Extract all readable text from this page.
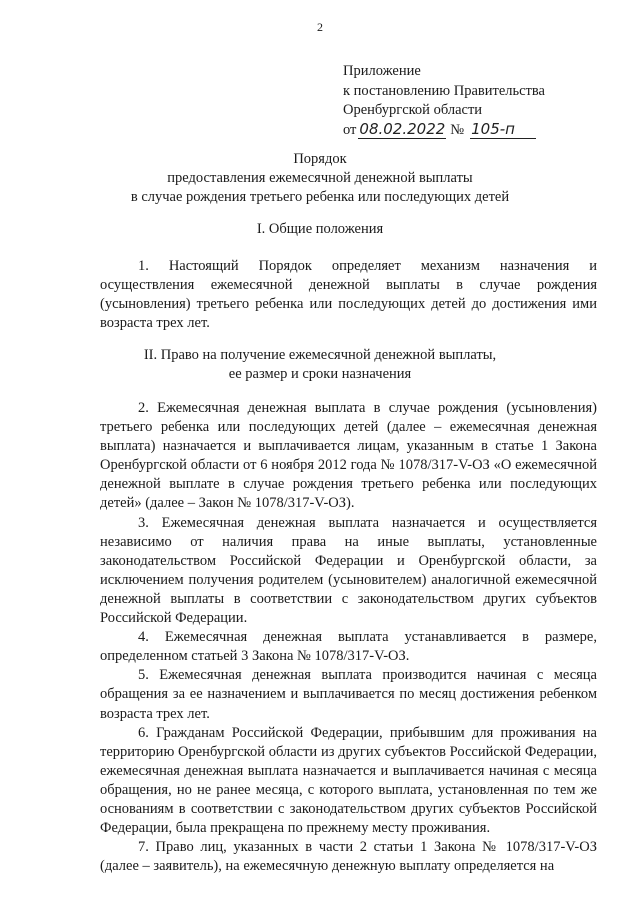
2
Приложение
к постановлению Правительства
Оренбургской области
от 08.02.2022 № 105-п
Порядок
предоставления ежемесячной денежной выплаты
в случае рождения третьего ребенка или последующих детей
I. Общие положения

1. Настоящий Порядок определяет механизм назначения и осуществления ежемесячной денежной выплаты в случае рождения (усыновления) третьего ребенка или последующих детей до достижения ими возраста трех лет.

II. Право на получение ежемесячной денежной выплаты,
ее размер и сроки назначения

2. Ежемесячная денежная выплата в случае рождения (усыновления) третьего ребенка или последующих детей (далее – ежемесячная денежная выплата) назначается и выплачивается лицам, указанным в статье 1 Закона Оренбургской области от 6 ноября 2012 года № 1078/317-V-ОЗ «О ежемесячной денежной выплате в случае рождения третьего ребенка или последующих детей» (далее – Закон № 1078/317-V-ОЗ).

3. Ежемесячная денежная выплата назначается и осуществляется независимо от наличия права на иные выплаты, установленные законодательством Российской Федерации и Оренбургской области, за исключением получения родителем (усыновителем) аналогичной ежемесячной денежной выплаты в соответствии с законодательством других субъектов Российской Федерации.

4. Ежемесячная денежная выплата устанавливается в размере, определенном статьей 3 Закона № 1078/317-V-ОЗ.

5. Ежемесячная денежная выплата производится начиная с месяца обращения за ее назначением и выплачивается по месяц достижения ребенком возраста трех лет.

6. Гражданам Российской Федерации, прибывшим для проживания на территорию Оренбургской области из других субъектов Российской Федерации, ежемесячная денежная выплата назначается и выплачивается начиная с месяца обращения, но не ранее месяца, с которого выплата, установленная по тем же основаниям в соответствии с законодательством других субъектов Российской Федерации, была прекращена по прежнему месту проживания.

7. Право лиц, указанных в части 2 статьи 1 Закона № 1078/317-V-ОЗ (далее – заявитель), на ежемесячную денежную выплату определяется на
